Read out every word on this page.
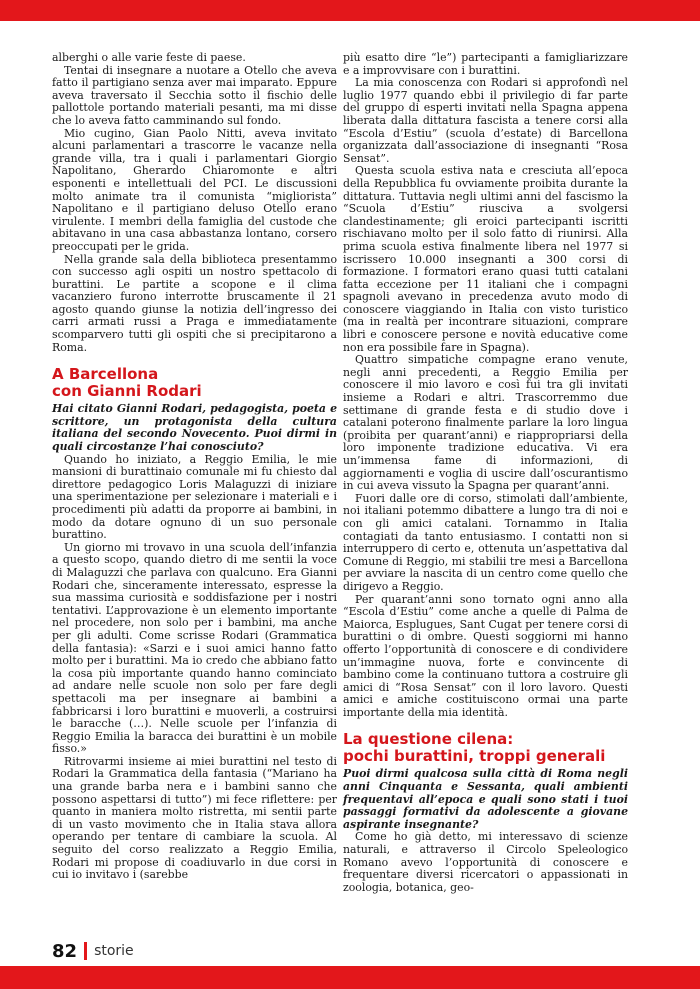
alberghi o alle varie feste di paese.

Tentai di insegnare a nuotare a Otello che aveva fatto il partigiano senza aver mai imparato. Eppure aveva traversato il Secchia sotto il fischio delle pallottole portando materiali pesanti, ma mi disse che lo aveva fatto camminando sul fondo.

Mio cugino, Gian Paolo Nitti, aveva invitato alcuni parlamentari a trascorre le vacanze nella grande villa, tra i quali i parlamentari Giorgio Napolitano, Gherardo Chiaromonte e altri esponenti e intellettuali del PCI. Le discussioni molto animate tra il comunista “migliorista” Napolitano e il partigiano deluso Otello erano virulente. I membri della famiglia del custode che abitavano in una casa abbastanza lontano, corsero preoccupati per le grida.

Nella grande sala della biblioteca presentammo con successo agli ospiti un nostro spettacolo di burattini. Le partite a scopone e il clima vacanziero furono interrotte bruscamente il 21 agosto quando giunse la notizia dell’ingresso dei carri armati russi a Praga e immediatamente scomparvero tutti gli ospiti che si precipitarono a Roma.

A Barcellona
con Gianni Rodari

Hai citato Gianni Rodari, pedagogista, poeta e scrittore, un protagonista della cultura italiana del secondo Novecento. Puoi dirmi in quali circostanze l’hai conosciuto?

Quando ho iniziato, a Reggio Emilia, le mie mansioni di burattinaio comunale mi fu chiesto dal direttore pedagogico Loris Malaguzzi di iniziare una sperimentazione per selezionare i materiali e i procedimenti più adatti da proporre ai bambini, in modo da dotare ognuno di un suo personale burattino.

Un giorno mi trovavo in una scuola dell’infanzia a questo scopo, quando dietro di me sentii la voce di Malaguzzi che parlava con qualcuno. Era Gianni Rodari che, sinceramente interessato, espresse la sua massima curiosità e soddisfazione per i nostri tentativi. L’approvazione è un elemento importante nel procedere, non solo per i bambini, ma anche per gli adulti. Come scrisse Rodari (Grammatica della fantasia): «Sarzi e i suoi amici hanno fatto molto per i burattini. Ma io credo che abbiano fatto la cosa più importante quando hanno cominciato ad andare nelle scuole non solo per fare degli spettacoli ma per insegnare ai bambini a fabbricarsi i loro burattini e muoverli, a costruirsi le baracche (…). Nelle scuole per l’infanzia di Reggio Emilia la baracca dei burattini è un mobile fisso.»

Ritrovarmi insieme ai miei burattini nel testo di Rodari la Grammatica della fantasia (“Mariano ha una grande barba nera e i bambini sanno che possono aspettarsi di tutto”) mi fece riflettere: per quanto in maniera molto ristretta, mi sentii parte di un vasto movimento che in Italia stava allora operando per tentare di cambiare la scuola. Al seguito del corso realizzato a Reggio Emilia, Rodari mi propose di coadiuvarlo in due corsi in cui io invitavo i (sarebbe

più esatto dire “le”) partecipanti a famigliarizzare e a improvvisare con i burattini.

La mia conoscenza con Rodari si approfondì nel luglio 1977 quando ebbi il privilegio di far parte del gruppo di esperti invitati nella Spagna appena liberata dalla dittatura fascista a tenere corsi alla “Escola d’Estiu” (scuola d’estate) di Barcellona organizzata dall’associazione di insegnanti “Rosa Sensat”.

Questa scuola estiva nata e cresciuta all’epoca della Repubblica fu ovviamente proibita durante la dittatura. Tuttavia negli ultimi anni del fascismo la “Scuola d’Estiu” riusciva a svolgersi clandestinamente; gli eroici partecipanti iscritti rischiavano molto per il solo fatto di riunirsi. Alla prima scuola estiva finalmente libera nel 1977 si iscrissero 10.000 insegnanti a 300 corsi di formazione. I formatori erano quasi tutti catalani fatta eccezione per 11 italiani che i compagni spagnoli avevano in precedenza avuto modo di conoscere viaggiando in Italia con visto turistico (ma in realtà per incontrare situazioni, comprare libri e conoscere persone e novità educative come non era possibile fare in Spagna).

Quattro simpatiche compagne erano venute, negli anni precedenti, a Reggio Emilia per conoscere il mio lavoro e così fui tra gli invitati insieme a Rodari e altri. Trascorremmo due settimane di grande festa e di studio dove i catalani poterono finalmente parlare la loro lingua (proibita per quarant’anni) e riappropriarsi della loro imponente tradizione educativa. Vi era un’immensa fame di informazioni, di aggiornamenti e voglia di uscire dall’oscurantismo in cui aveva vissuto la Spagna per quarant’anni.

Fuori dalle ore di corso, stimolati dall’ambiente, noi italiani potemmo dibattere a lungo tra di noi e con gli amici catalani. Tornammo in Italia contagiati da tanto entusiasmo. I contatti non si interruppero di certo e, ottenuta un’aspettativa dal Comune di Reggio, mi stabilii tre mesi a Barcellona per avviare la nascita di un centro come quello che dirigevo a Reggio.

Per quarant’anni sono tornato ogni anno alla “Escola d’Estiu” come anche a quelle di Palma de Maiorca, Esplugues, Sant Cugat per tenere corsi di burattini o di ombre. Questi soggiorni mi hanno offerto l’opportunità di conoscere e di condividere un’immagine nuova, forte e convincente di bambino come la continuano tuttora a costruire gli amici di “Rosa Sensat” con il loro lavoro. Questi amici e amiche costituiscono ormai una parte importante della mia identità.

La questione cilena:
pochi burattini, troppi generali

Puoi dirmi qualcosa sulla città di Roma negli anni Cinquanta e Sessanta, quali ambienti frequentavi all’epoca e quali sono stati i tuoi passaggi formativi da adolescente a giovane aspirante insegnante?

Come ho già detto, mi interessavo di scienze naturali, e attraverso il Circolo Speleologico Romano avevo l’opportunità di conoscere e frequentare diversi ricercatori o appassionati in zoologia, botanica, geo-

82 storie
